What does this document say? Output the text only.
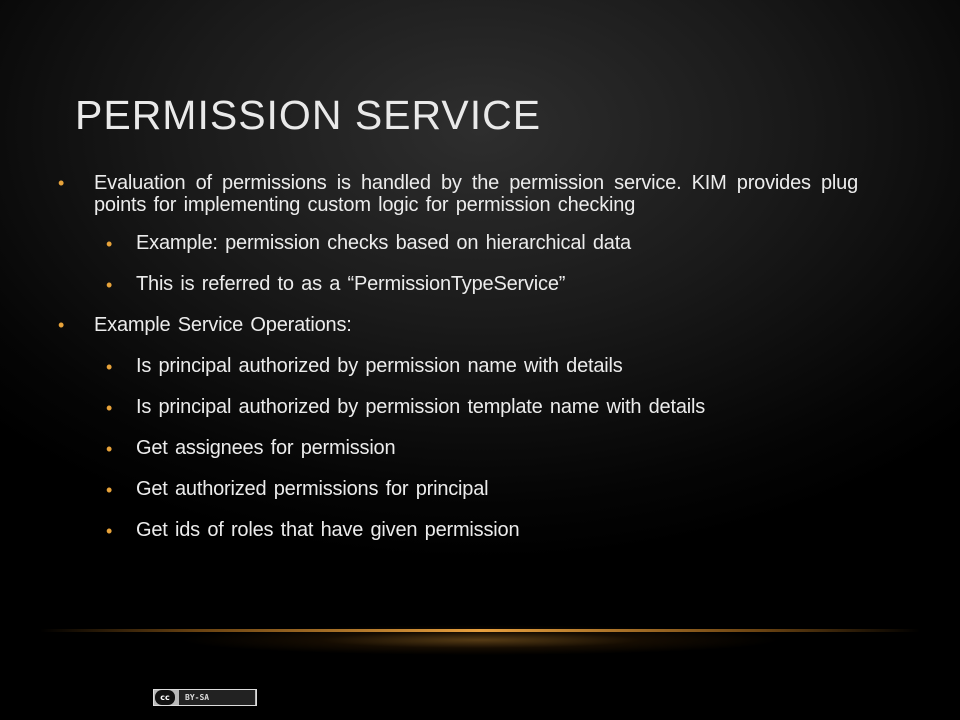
PERMISSION SERVICE
• Evaluation of permissions is handled by the permission service. KIM provides plug points for implementing custom logic for permission checking
• Example: permission checks based on hierarchical data
• This is referred to as a “PermissionTypeService”
• Example Service Operations:
• Is principal authorized by permission name with details
• Is principal authorized by permission template name with details
• Get assignees for permission
• Get authorized permissions for principal
• Get ids of roles that have given permission
cc	BY-SA
